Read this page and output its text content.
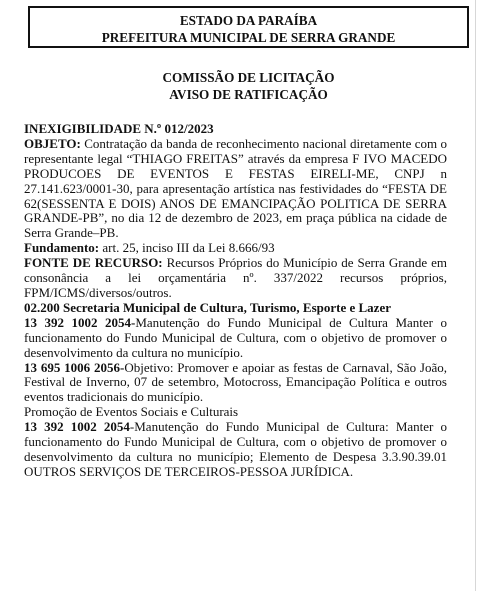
ESTADO DA PARAÍBA
PREFEITURA MUNICIPAL DE SERRA GRANDE
COMISSÃO DE LICITAÇÃO
AVISO DE RATIFICAÇÃO

INEXIGIBILIDADE N.º 012/2023

OBJETO: Contratação da banda de reconhecimento nacional diretamente com o representante legal “THIAGO FREITAS” através da empresa F IVO MACEDO PRODUCOES DE EVENTOS E FESTAS EIRELI-ME, CNPJ n 27.141.623/0001-30, para apresentação artística nas festividades do “FESTA DE 62(SESSENTA E DOIS) ANOS DE EMANCIPAÇÃO POLITICA DE SERRA GRANDE-PB”, no dia 12 de dezembro de 2023, em praça pública na cidade de Serra Grande–PB.

Fundamento: art. 25, inciso III da Lei 8.666/93

FONTE DE RECURSO: Recursos Próprios do Município de Serra Grande em consonância a lei orçamentária nº. 337/2022 recursos próprios, FPM/ICMS/diversos/outros.

02.200 Secretaria Municipal de Cultura, Turismo, Esporte e Lazer

13 392 1002 2054-Manutenção do Fundo Municipal de Cultura Manter o funcionamento do Fundo Municipal de Cultura, com o objetivo de promover o desenvolvimento da cultura no município.

13 695 1006 2056-Objetivo: Promover e apoiar as festas de Carnaval, São João, Festival de Inverno, 07 de setembro, Motocross, Emancipação Política e outros eventos tradicionais do município.

Promoção de Eventos Sociais e Culturais

13 392 1002 2054-Manutenção do Fundo Municipal de Cultura: Manter o funcionamento do Fundo Municipal de Cultura, com o objetivo de promover o desenvolvimento da cultura no município; Elemento de Despesa 3.3.90.39.01 OUTROS SERVIÇOS DE TERCEIROS-PESSOA JURÍDICA.
